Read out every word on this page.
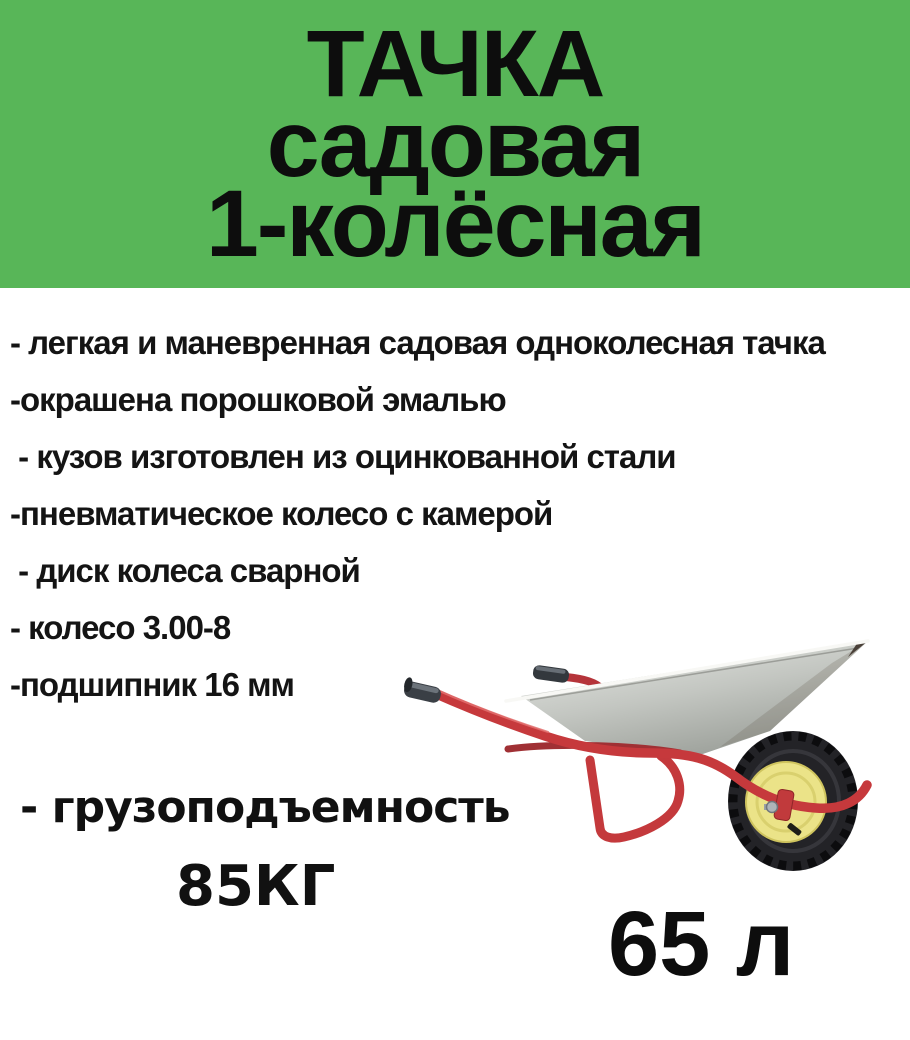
ТАЧКА
садовая
1-колёсная
- легкая и маневренная садовая одноколесная тачка
-окрашена порошковой эмалью
- кузов изготовлен из оцинкованной стали
-пневматическое колесо с камерой
- диск колеса сварной
- колесо 3.00-8
-подшипник 16 мм
- грузоподъемность
85КГ
65 л
